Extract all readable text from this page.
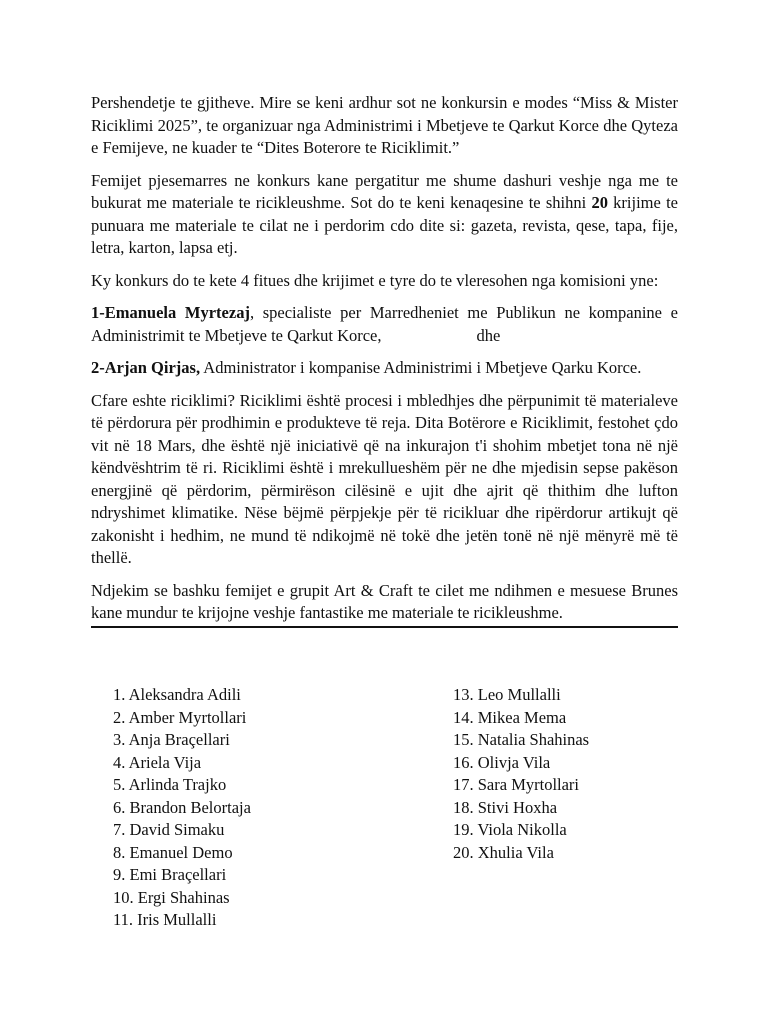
Pershendetje te gjitheve. Mire se keni ardhur sot ne konkursin e modes “Miss & Mister Riciklimi 2025”, te organizuar nga Administrimi i Mbetjeve te Qarkut Korce dhe Qyteza e Femijeve, ne kuader te “Dites Boterore te Riciklimit.”

Femijet pjesemarres ne konkurs kane pergatitur me shume dashuri veshje nga me te bukurat me materiale te ricikleushme. Sot do te keni kenaqesine te shihni 20 krijime te punuara me materiale te cilat ne i perdorim cdo dite si: gazeta, revista, qese, tapa, fije, letra, karton, lapsa etj.

Ky konkurs do te kete 4 fitues dhe krijimet e tyre do te vleresohen nga komisioni yne:

1-Emanuela Myrtezaj, specialiste per Marredheniet me Publikun ne kompanine e Administrimit te Mbetjeve te Qarkut Korce,	dhe

2-Arjan Qirjas, Administrator i kompanise Administrimi i Mbetjeve Qarku Korce.

Cfare eshte riciklimi? Riciklimi është procesi i mbledhjes dhe përpunimit të materialeve të përdorura për prodhimin e produkteve të reja. Dita Botërore e Riciklimit, festohet çdo vit në 18 Mars, dhe është një iniciativë që na inkurajon t'i shohim mbetjet tona në një këndvështrim të ri. Riciklimi është i mrekullueshëm për ne dhe mjedisin sepse pakëson energjinë që përdorim, përmirëson cilësinë e ujit dhe ajrit që thithim dhe lufton ndryshimet klimatike. Nëse bëjmë përpjekje për të ricikluar dhe ripërdorur artikujt që zakonisht i hedhim, ne mund të ndikojmë në tokë dhe jetën tonë në një mënyrë më të thellë.

Ndjekim se bashku femijet e grupit Art & Craft te cilet me ndihmen e mesuese Brunes kane mundur te krijojne veshje fantastike me materiale te ricikleushme.

1. Aleksandra Adili
2. Amber Myrtollari
3. Anja Braçellari
4. Ariela Vija
5. Arlinda Trajko
6. Brandon Belortaja
7. David Simaku
8. Emanuel Demo
9. Emi Braçellari
10. Ergi Shahinas
11. Iris Mullalli
13. Leo Mullalli
14. Mikea Mema
15. Natalia Shahinas
16. Olivja Vila
17. Sara Myrtollari
18. Stivi Hoxha
19. Viola Nikolla
20. Xhulia Vila
